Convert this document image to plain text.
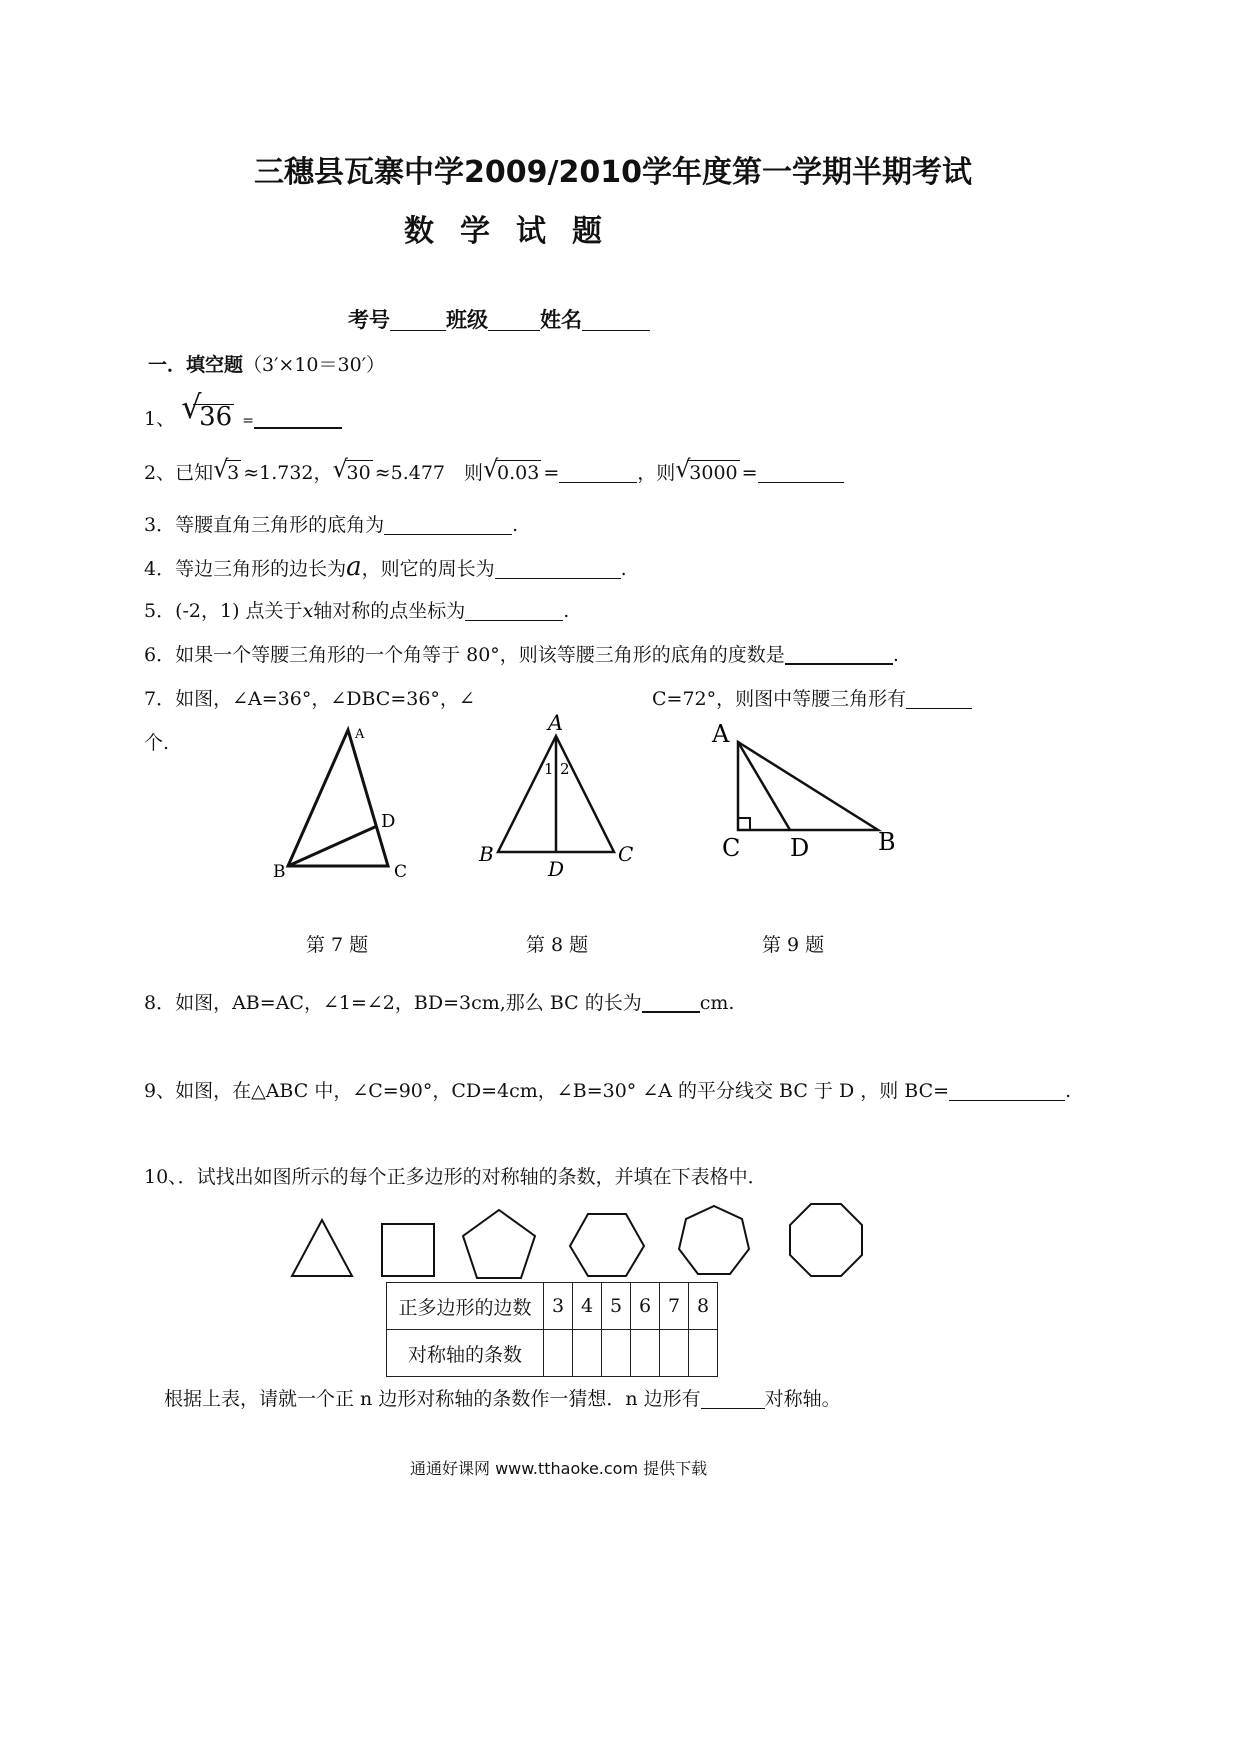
三穗县瓦寨中学2009/2010学年度第一学期半期考试
数学试题
考号	班级 姓名
一．填空题（3′×10＝30′）
1、 √
36 =
2、已知 √
3 ≈1.732， √
30 ≈5.477　则 √
0.03 =	，则 √
3000 =
3．等腰直角三角形的底角为	.
4．等边三角形的边长为a，则它的周长为	.
5．(-2，1) 点关于x轴对称的点坐标为	.
6．如果一个等腰三角形的一个角等于 80°，则该等腰三角形的底角的度数是	.
7．如图，∠A=36°，∠DBC=36°，∠	C=72°，则图中等腰三角形有
个.	A
D
B	C
A
1 2
B
D
C
A
C D	B
第 7 题	第 8 题	第 9 题
8．如图，AB=AC，∠1=∠2，BD=3cm,那么 BC 的长为	cm.
9、如图，在△ABC 中，∠C=90°，CD=4cm，∠B=30° ∠A 的平分线交 BC 于 D ，则 BC=	.
10、．试找出如图所示的每个正多边形的对称轴的条数，并填在下表格中．
正多边形的边数	3	4	5	6	7	8
对称轴的条数						
根据上表，请就一个正 n 边形对称轴的条数作一猜想．n 边形有	对称轴。
通通好课网 www.tthaoke.com 提供下载
